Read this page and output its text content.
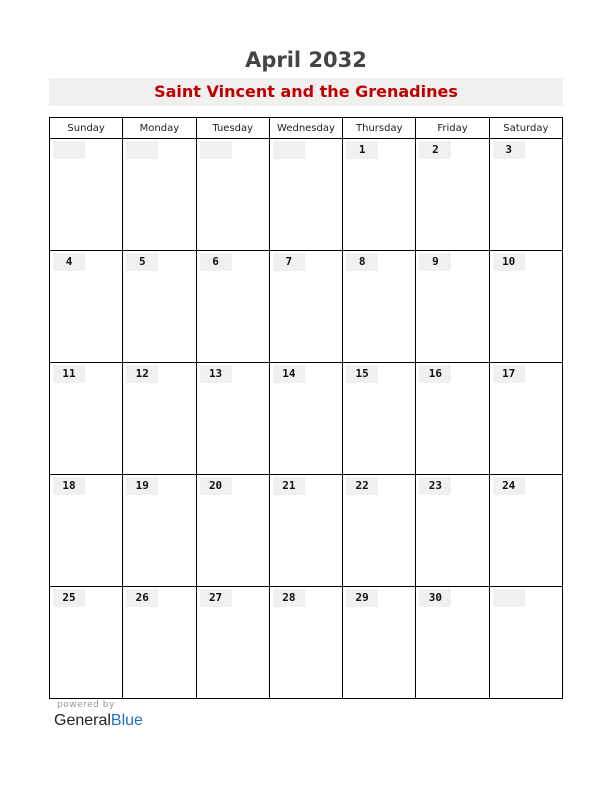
April 2032
Saint Vincent and the Grenadines
Sunday	Monday	Tuesday	Wednesday	Thursday	Friday	Saturday

				1	2	3

4	5	6	7	8	9	10

11	12	13	14	15	16	17

18	19	20	21	22	23	24

25	26	27	28	29	30	

powered by
GeneralBlue
